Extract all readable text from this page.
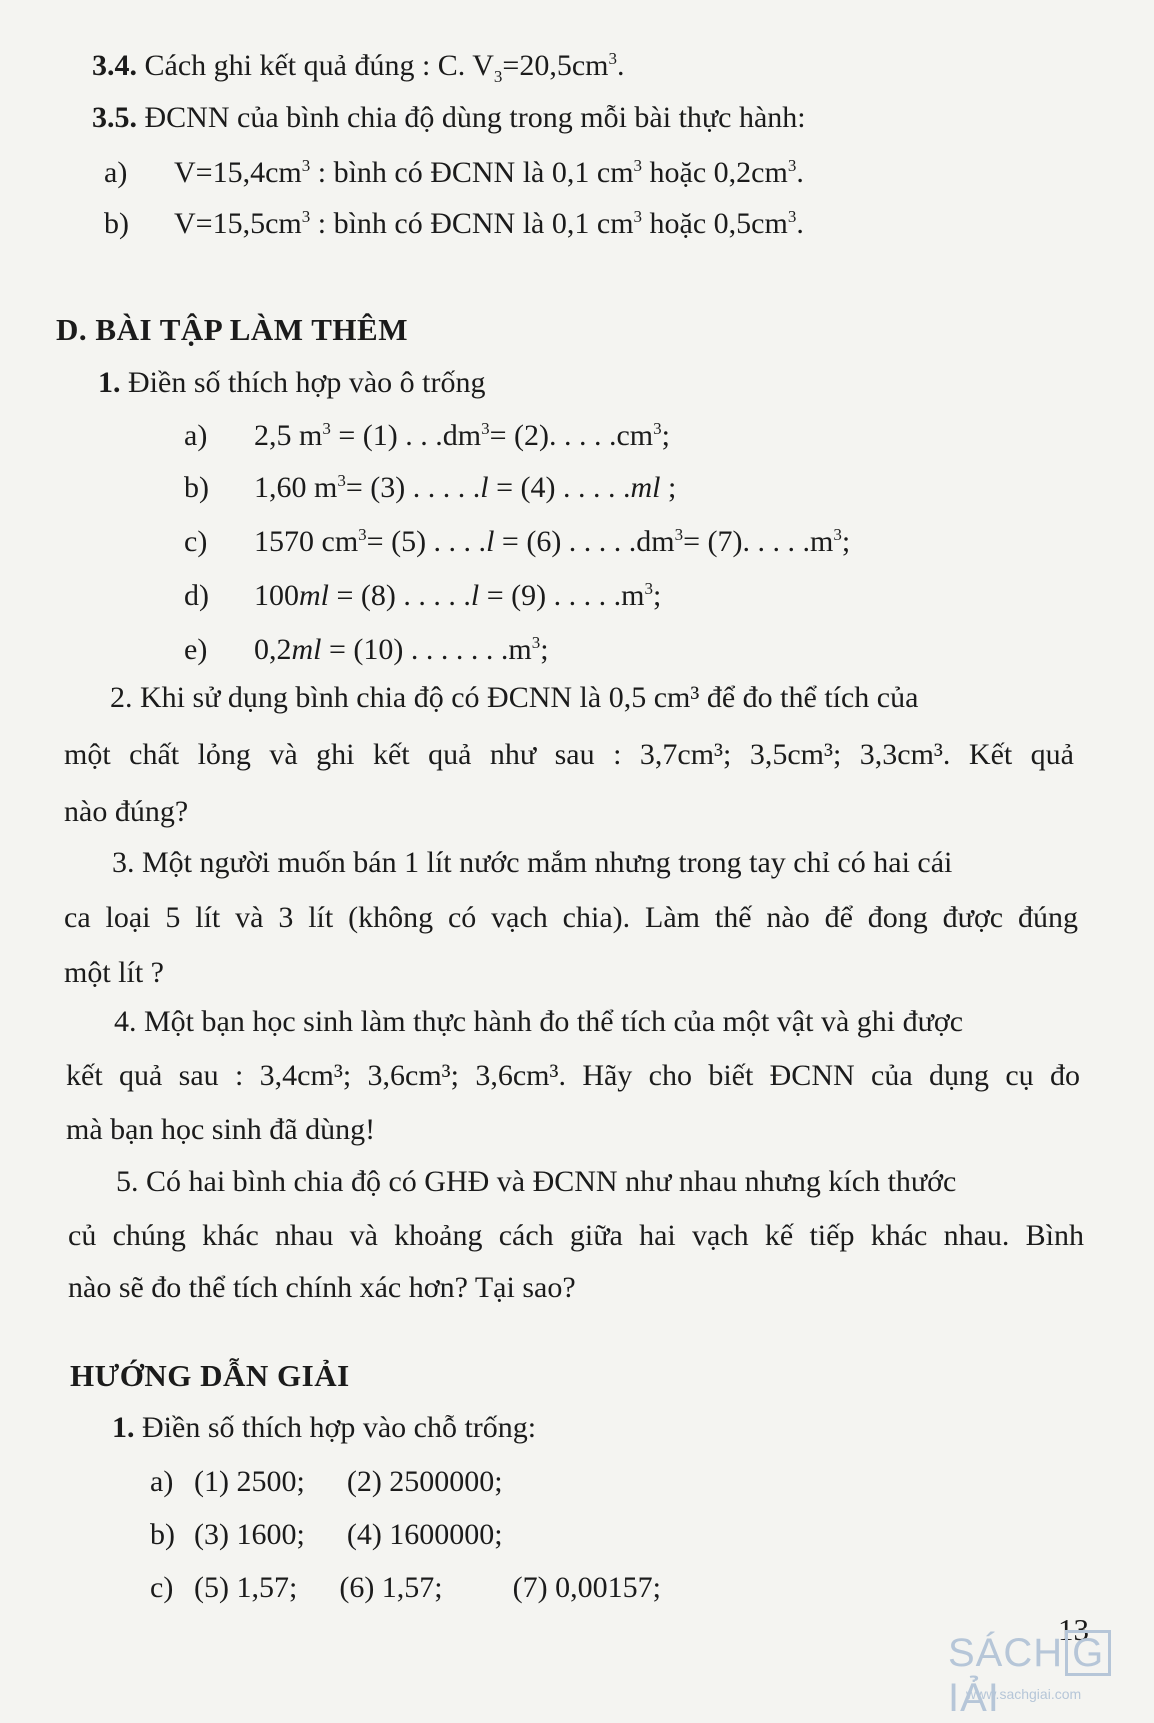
3.4. Cách ghi kết quả đúng : C. $V_3=20,5cm^3$.
3.5. ĐCNN của bình chia độ dùng trong mỗi bài thực hành:
a) $V=15,4cm^3$ : bình có ĐCNN là 0,1 $cm^3$ hoặc $0,2cm^3$.
b) $V=15,5cm^3$ : bình có ĐCNN là 0,1 $cm^3$ hoặc $0,5cm^3$.
D. BÀI TẬP LÀM THÊM
1. Điền số thích hợp vào ô trống
a) 2,5 $m^3 = (1)$ . . $.dm^3= (2)$. . . . $.cm^3$;
b) 1,60 $m^3= (3)$ . . . . .l = (4) . . . . .ml ;
c) 1570 $cm^3= (5)$ . . . .l = (6) . . . . $.dm^3= (7)$. . . . $.m^3$;
d) 100ml = (8) . . . . .l = (9) . . . . $.m^3$;
e) 0,2ml = (10) . . . . . . $.m^3$;
2. Khi sử dụng bình chia độ có ĐCNN là 0,5 cm³ để đo thể tích của
một chất lỏng và ghi kết quả như sau : 3,7cm³; 3,5cm³; 3,3cm³. Kết quả
nào đúng?
3. Một người muốn bán 1 lít nước mắm nhưng trong tay chỉ có hai cái
ca loại 5 lít và 3 lít (không có vạch chia). Làm thế nào để đong được đúng
một lít ?
4. Một bạn học sinh làm thực hành đo thể tích của một vật và ghi được
kết quả sau : 3,4cm³; 3,6cm³; 3,6cm³. Hãy cho biết ĐCNN của dụng cụ đo
mà bạn học sinh đã dùng!
5. Có hai bình chia độ có GHĐ và ĐCNN như nhau nhưng kích thước
củ chúng khác nhau và khoảng cách giữa hai vạch kế tiếp khác nhau. Bình
nào sẽ đo thể tích chính xác hơn? Tại sao?
HƯỚNG DẪN GIẢI
1. Điền số thích hợp vào chỗ trống:
a) (1) 2500; (2) 2500000;
b) (3) 1600; (4) 1600000;
c) (5) 1,57; (6) 1,57; (7) 0,00157;
13
SÁCH GIẢI
www.sachgiai.com
